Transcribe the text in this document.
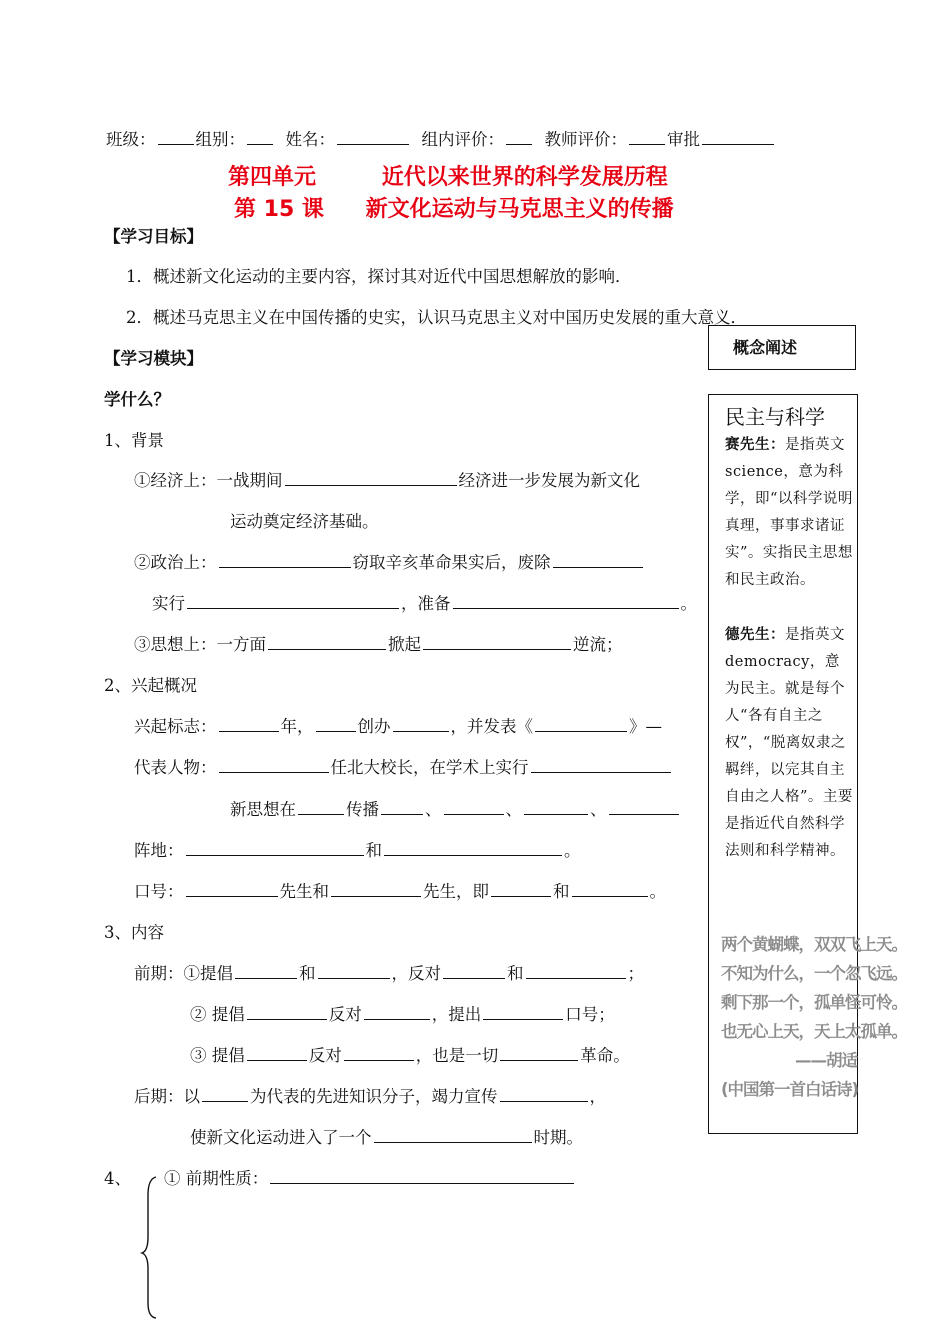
班级： 组别： 姓名：	组内评价： 教师评价： 审批
第四单元	近代以来世界的科学发展历程
第 15 课 新文化运动与马克思主义的传播
【学习目标】
1．概述新文化运动的主要内容，探讨其对近代中国思想解放的影响．
2．概述马克思主义在中国传播的史实，认识马克思主义对中国历史发展的重大意义．
【学习模块】
学什么？
1、背景
①经济上：一战期间	经济进一步发展为新文化
运动奠定经济基础。
②政治上：	窃取辛亥革命果实后，废除
实行	，准备	。
③思想上：一方面	掀起	逆流；
2、兴起概况
兴起标志：	年，	创办	，并发表《	》—
代表人物：	任北大校长，在学术上实行
新思想在	传播	、	、	、
阵地：	和	。
口号：	先生和	先生，即	和	。
3、内容
前期：①提倡	和	，反对	和	；
② 提倡	反对	，提出	口号；
③ 提倡	反对	，也是一切	革命。
后期：以	为代表的先进知识分子，竭力宣传	，
使新文化运动进入了一个	时期。
4、 ① 前期性质：
概念阐述
民主与科学
赛先生：是指英文 science，意为科学，即“以科学说明真理，事事求诸证实”。实指民主思想和民主政治。
德先生：是指英文 democracy，意为民主。就是每个人“各有自主之权”，“脱离奴隶之羁绊，以完其自主自由之人格”。主要是指近代自然科学法则和科学精神。
两个黄蝴蝶，双双飞上天。
不知为什么，一个忽飞远。
剩下那一个，孤单怪可怜。
也无心上天，天上太孤单。
——胡适
(中国第一首白话诗)
